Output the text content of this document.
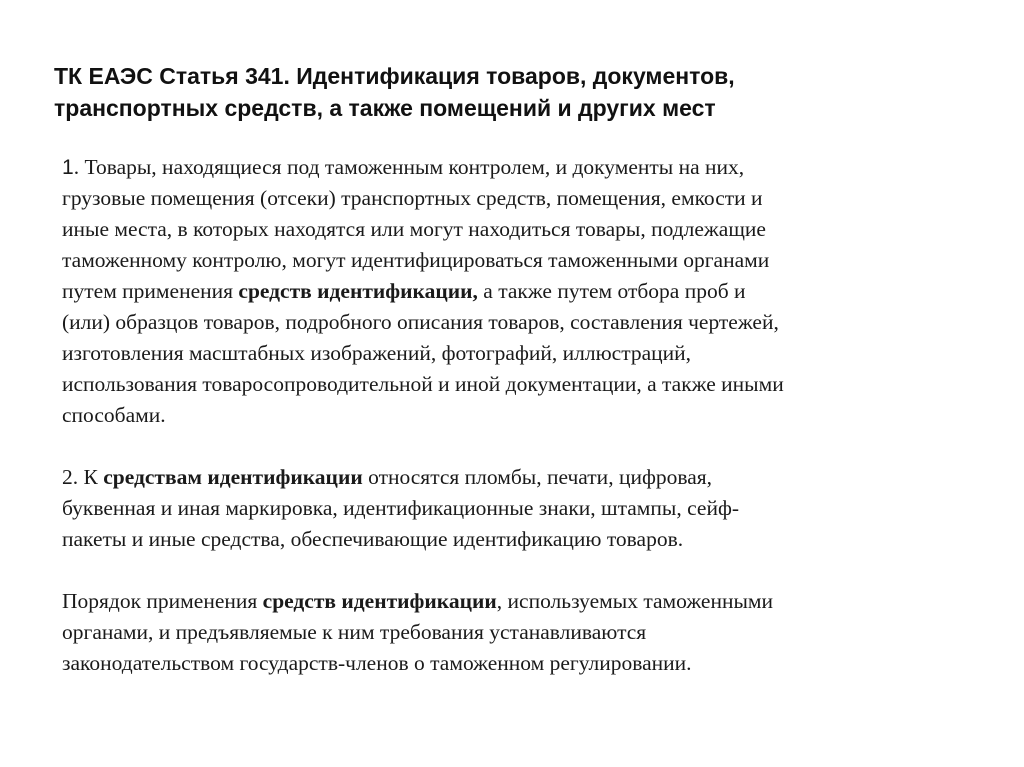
ТК ЕАЭС Статья 341. Идентификация товаров, документов,
транспортных средств, а также помещений и других мест

1. Товары, находящиеся под таможенным контролем, и документы на них,
грузовые помещения (отсеки) транспортных средств, помещения, емкости и
иные места, в которых находятся или могут находиться товары, подлежащие
таможенному контролю, могут идентифицироваться таможенными органами
путем применения средств идентификации, а также путем отбора проб и
(или) образцов товаров, подробного описания товаров, составления чертежей,
изготовления масштабных изображений, фотографий, иллюстраций,
использования товаросопроводительной и иной документации, а также иными
способами.

2. К средствам идентификации относятся пломбы, печати, цифровая,
буквенная и иная маркировка, идентификационные знаки, штампы, сейф-
пакеты и иные средства, обеспечивающие идентификацию товаров.

Порядок применения средств идентификации, используемых таможенными
органами, и предъявляемые к ним требования устанавливаются
законодательством государств-членов о таможенном регулировании.
